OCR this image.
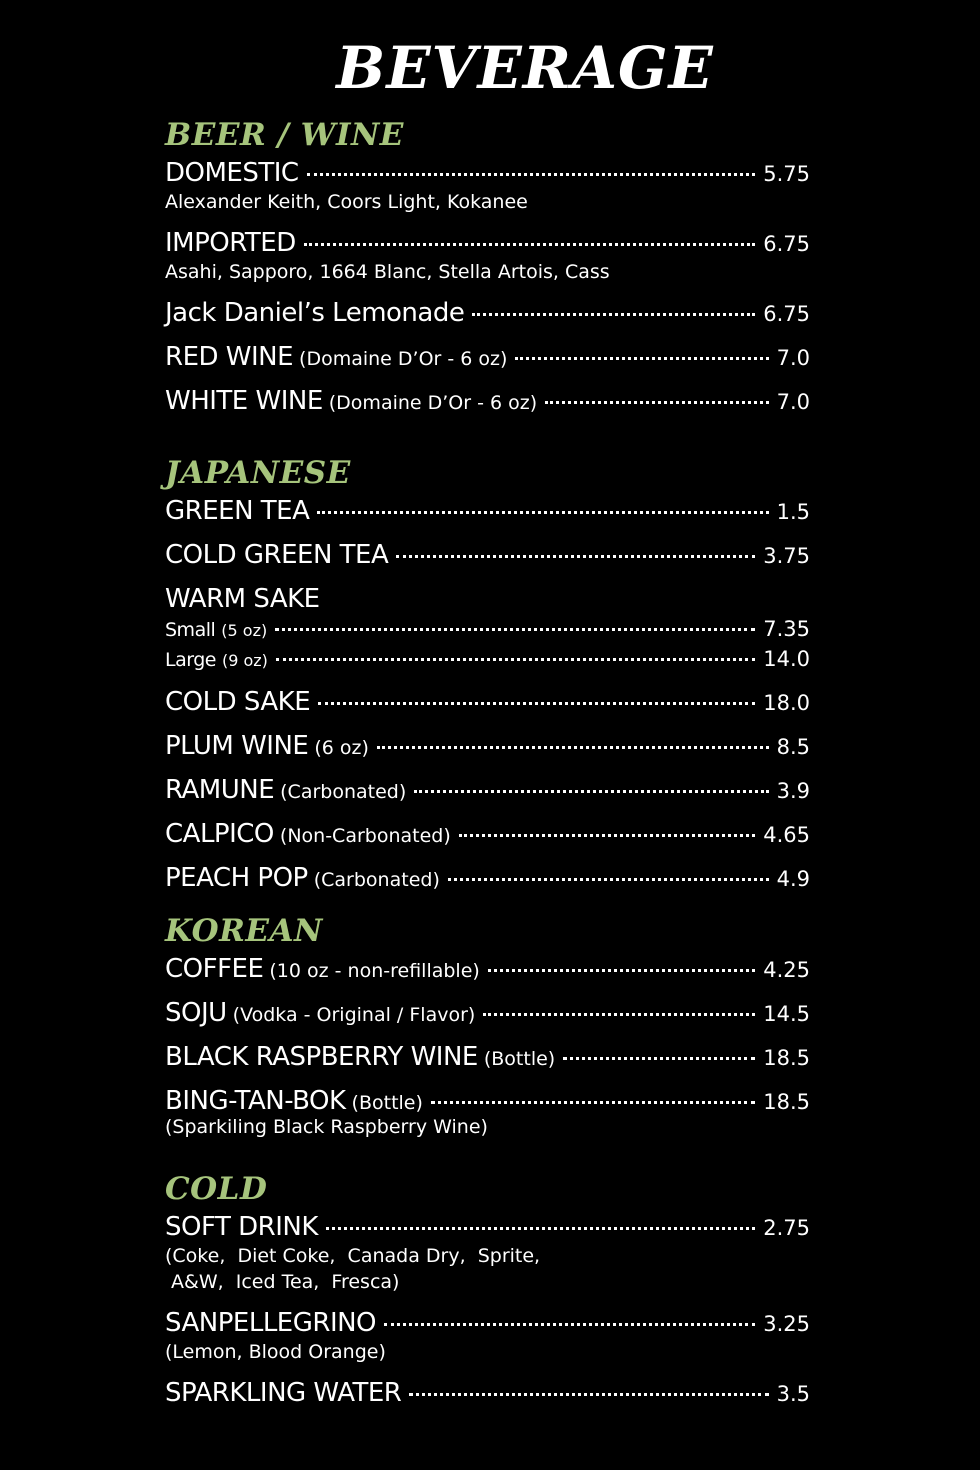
BEVERAGE
BEER / WINE
DOMESTIC	5.75
Alexander Keith, Coors Light, Kokanee
IMPORTED	6.75
Asahi, Sapporo, 1664 Blanc, Stella Artois, Cass
Jack Daniel’s Lemonade	6.75
RED WINE (Domaine D’Or - 6 oz)	7.0
WHITE WINE (Domaine D’Or - 6 oz)	7.0
JAPANESE
GREEN TEA	1.5
COLD GREEN TEA	3.75
WARM SAKE
Small (5 oz)	7.35
Large (9 oz)	14.0
COLD SAKE	18.0
PLUM WINE (6 oz)	8.5
RAMUNE (Carbonated)	3.9
CALPICO (Non-Carbonated)	4.65
PEACH POP (Carbonated)	4.9
KOREAN
COFFEE (10 oz - non-refillable)	4.25
SOJU (Vodka - Original / Flavor)	14.5
BLACK RASPBERRY WINE (Bottle)	18.5
BING-TAN-BOK (Bottle)	18.5
(Sparkiling Black Raspberry Wine)
COLD
SOFT DRINK	2.75
(Coke,  Diet Coke,  Canada Dry,  Sprite,
A&W,  Iced Tea,  Fresca)
SANPELLEGRINO	3.25
(Lemon, Blood Orange)
SPARKLING WATER	3.5
